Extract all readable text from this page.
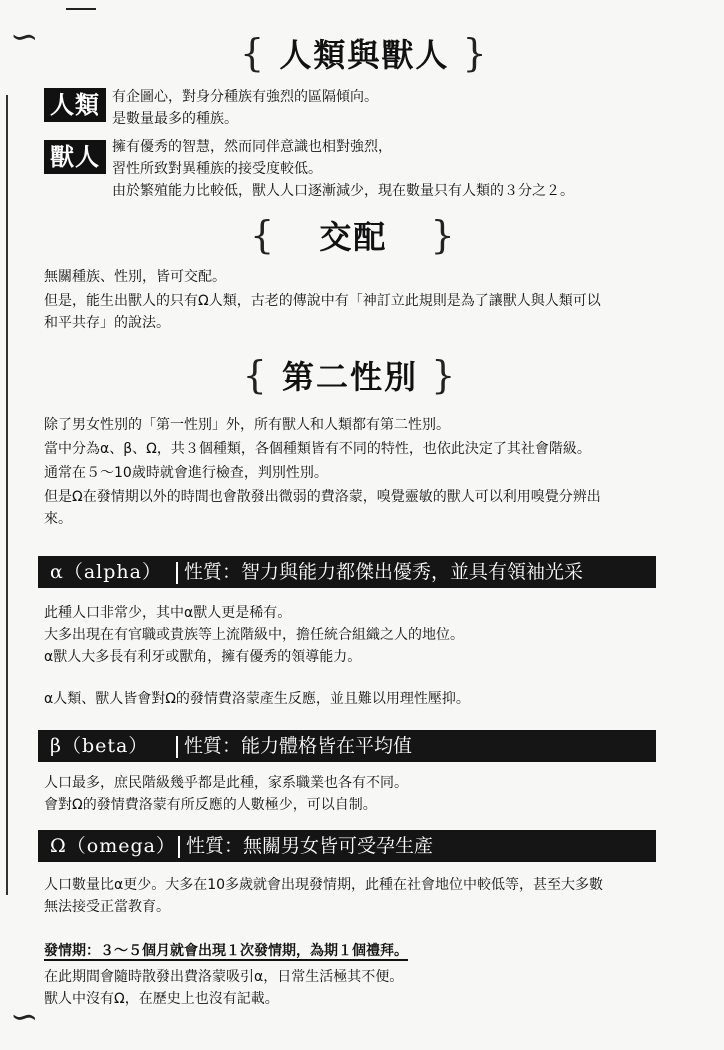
∽
∽
{ 人類與獸人 }
人類 有企圖心，對身分種族有強烈的區隔傾向。
是數量最多的種族。
獸人 擁有優秀的智慧，然而同伴意識也相對強烈，
習性所致對異種族的接受度較低。
由於繁殖能力比較低，獸人人口逐漸減少，現在數量只有人類的３分之２。
{ 交配 }
無關種族、性別，皆可交配。
但是，能生出獸人的只有Ω人類，古老的傳說中有「神訂立此規則是為了讓獸人與人類可以
和平共存」的說法。
{ 第二性別 }
除了男女性別的「第一性別」外，所有獸人和人類都有第二性別。
當中分為α、β、Ω，共３個種類，各個種類皆有不同的特性，也依此決定了其社會階級。
通常在５～10歲時就會進行檢查，判別性別。
但是Ω在發情期以外的時間也會散發出微弱的費洛蒙，嗅覺靈敏的獸人可以利用嗅覺分辨出
來。
α（alpha） 性質：智力與能力都傑出優秀，並具有領袖光采
此種人口非常少，其中α獸人更是稀有。
大多出現在有官職或貴族等上流階級中，擔任統合組織之人的地位。
α獸人大多長有利牙或獸角，擁有優秀的領導能力。
α人類、獸人皆會對Ω的發情費洛蒙產生反應，並且難以用理性壓抑。
β（beta） 性質：能力體格皆在平均值
人口最多，庶民階級幾乎都是此種，家系職業也各有不同。
會對Ω的發情費洛蒙有所反應的人數極少，可以自制。
Ω（omega） 性質：無關男女皆可受孕生產
人口數量比α更少。大多在10多歲就會出現發情期，此種在社會地位中較低等，甚至大多數
無法接受正當教育。
發情期：３～５個月就會出現１次發情期，為期１個禮拜。
在此期間會隨時散發出費洛蒙吸引α，日常生活極其不便。
獸人中沒有Ω，在歷史上也沒有記載。
